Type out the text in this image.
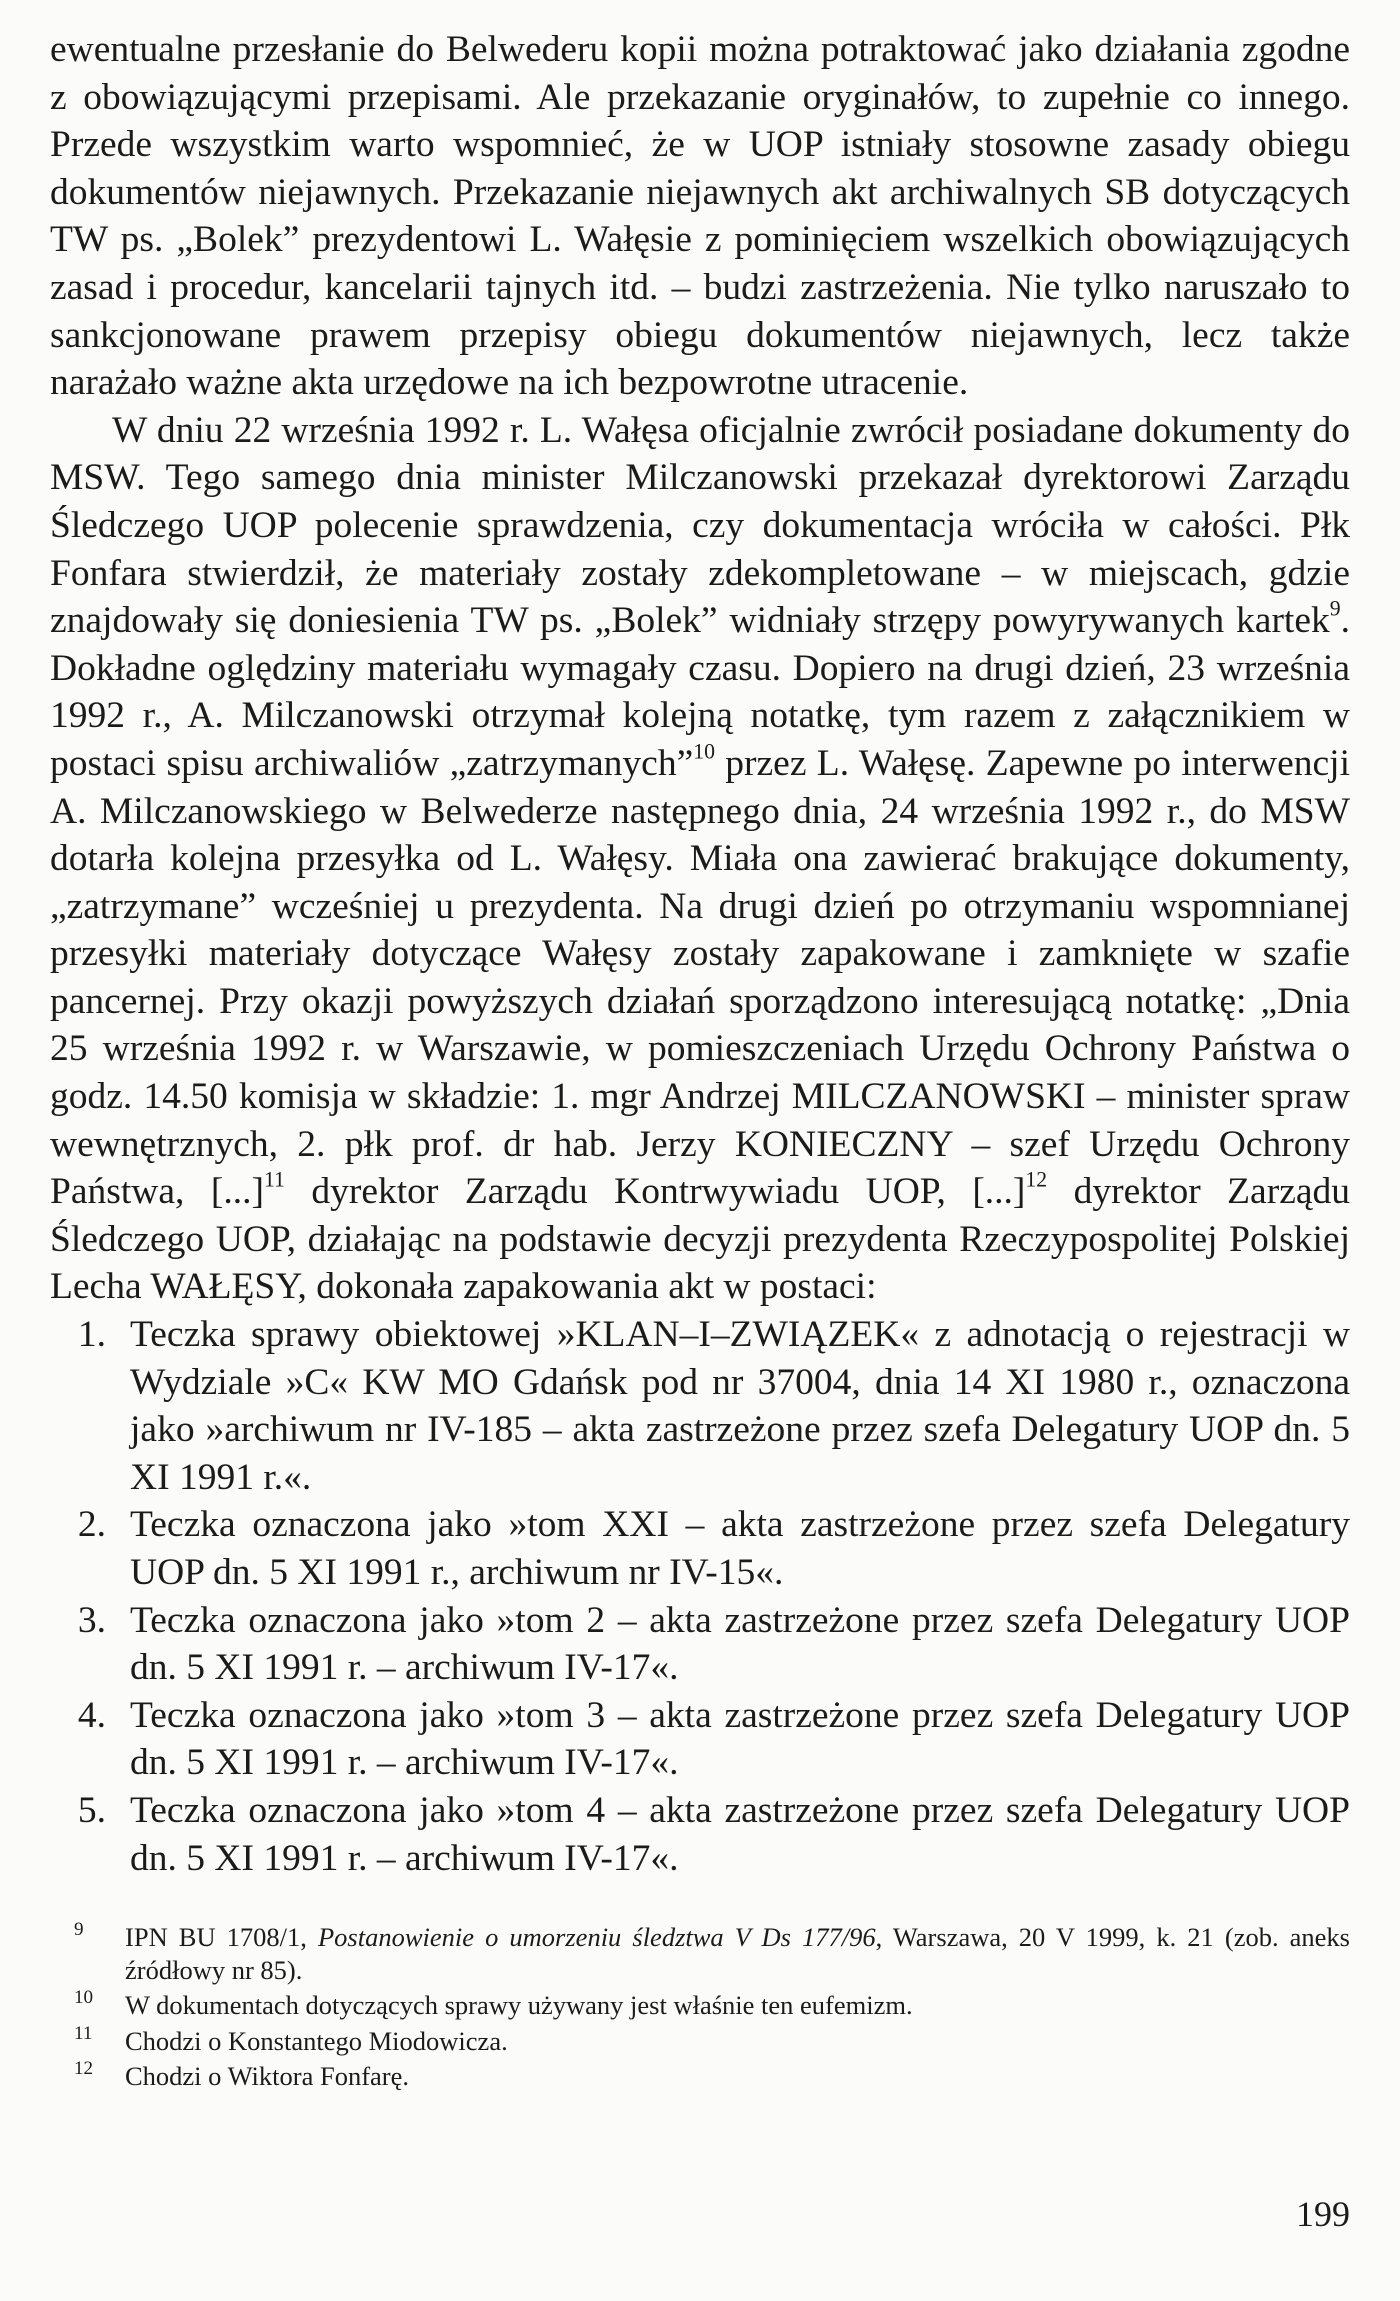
ewentualne przesłanie do Belwederu kopii można potraktować jako działania zgodne z obowiązującymi przepisami. Ale przekazanie oryginałów, to zupełnie co innego. Przede wszystkim warto wspomnieć, że w UOP istniały stosowne zasady obiegu dokumentów niejawnych. Przekazanie niejawnych akt archiwalnych SB dotyczących TW ps. „Bolek” prezydentowi L. Wałęsie z pominięciem wszelkich obowiązujących zasad i procedur, kancelarii tajnych itd. – budzi zastrzeżenia. Nie tylko naruszało to sankcjonowane prawem przepisy obiegu dokumentów niejawnych, lecz także narażało ważne akta urzędowe na ich bezpowrotne utracenie.

W dniu 22 września 1992 r. L. Wałęsa oficjalnie zwrócił posiadane dokumenty do MSW. Tego samego dnia minister Milczanowski przekazał dyrektorowi Zarządu Śledczego UOP polecenie sprawdzenia, czy dokumentacja wróciła w całości. Płk Fonfara stwierdził, że materiały zostały zdekompletowane – w miejscach, gdzie znajdowały się doniesienia TW ps. „Bolek” widniały strzępy powyrywanych kartek$^9$. Dokładne oględziny materiału wymagały czasu. Dopiero na drugi dzień, 23 września 1992 r., A. Milczanowski otrzymał kolejną notatkę, tym razem z załącznikiem w postaci spisu archiwaliów „zatrzymanych”$^{10}$ przez L. Wałęsę. Zapewne po interwencji A. Milczanowskiego w Belwederze następnego dnia, 24 września 1992 r., do MSW dotarła kolejna przesyłka od L. Wałęsy. Miała ona zawierać brakujące dokumenty, „zatrzymane” wcześniej u prezydenta. Na drugi dzień po otrzymaniu wspomnianej przesyłki materiały dotyczące Wałęsy zostały zapakowane i zamknięte w szafie pancernej. Przy okazji powyższych działań sporządzono interesującą notatkę: „Dnia 25 września 1992 r. w Warszawie, w pomieszczeniach Urzędu Ochrony Państwa o godz. 14.50 komisja w składzie: 1. mgr Andrzej MILCZANOWSKI – minister spraw wewnętrznych, 2. płk prof. dr hab. Jerzy KONIECZNY – szef Urzędu Ochrony Państwa, [...]$^{11}$ dyrektor Zarządu Kontrwywiadu UOP, [...]$^{12}$ dyrektor Zarządu Śledczego UOP, działając na podstawie decyzji prezydenta Rzeczypospolitej Polskiej Lecha WAŁĘSY, dokonała zapakowania akt w postaci:

1. Teczka sprawy obiektowej »KLAN–I–ZWIĄZEK« z adnotacją o rejestracji w Wydziale »C« KW MO Gdańsk pod nr 37004, dnia 14 XI 1980 r., oznaczona jako »archiwum nr IV-185 – akta zastrzeżone przez szefa Delegatury UOP dn. 5 XI 1991 r.«.
2. Teczka oznaczona jako »tom XXI – akta zastrzeżone przez szefa Delegatury UOP dn. 5 XI 1991 r., archiwum nr IV-15«.
3. Teczka oznaczona jako »tom 2 – akta zastrzeżone przez szefa Delegatury UOP dn. 5 XI 1991 r. – archiwum IV-17«.
4. Teczka oznaczona jako »tom 3 – akta zastrzeżone przez szefa Delegatury UOP dn. 5 XI 1991 r. – archiwum IV-17«.
5. Teczka oznaczona jako »tom 4 – akta zastrzeżone przez szefa Delegatury UOP dn. 5 XI 1991 r. – archiwum IV-17«.

9 IPN BU 1708/1, Postanowienie o umorzeniu śledztwa V Ds 177/96, Warszawa, 20 V 1999, k. 21 (zob. aneks źródłowy nr 85).

10 W dokumentach dotyczących sprawy używany jest właśnie ten eufemizm.

11 Chodzi o Konstantego Miodowicza.

12 Chodzi o Wiktora Fonfarę.

199
